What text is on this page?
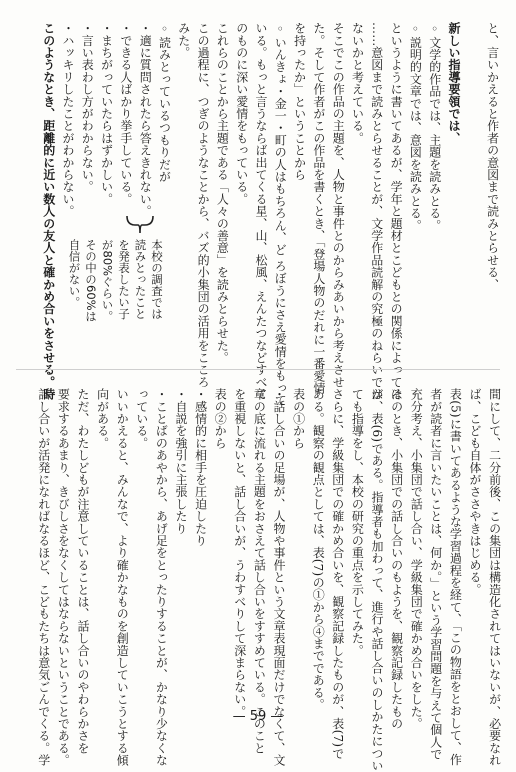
と、言いかえると作者の意図まで読みとらせる、
新しい指導要領では、
◦文学的作品では、主題を読みとる。
◦説明的文章では、意図を読みとる。
というように書いてあるが、学年と題材とこどもとの関係によっては
……意図まで読みとらせることが、文学作品読解の究極のねらいでは
ないかと考えている。
そこでこの作品の主題を、人物と事件とのからみあいから考えさせ
た。そして作者がこの作品を書くとき、「登場人物のだれに一番愛情
を持ったか」ということから
◦いんきょ・金一・町の人はもちろん、ど ろぼうにさえ愛情をもって
いる。もっと言うならば出てくる星、山、松風、えんたつなどすべて
のものに深い愛情をもっている。
これらのことから主題である「人々の善意」を読みとらせた。
この過程に、つぎのようなことから、バズ的小集団の活用をこころ
みた。
◦読みとっているつもりだが
・適に質問されたら答えきれない。
・できる人ばかり挙手している。
・まちがっていたらはずかしい。
・言い表わし方がわからない。
・ハッキリしたことがわからない。
このようなとき、距離的に近い数人の友人と確かめ合いをさせる。時	本校の調査では
読みとったこと
を発表したい子
が80%ぐらい。
その中の60%は
自信がない。
間にして、二分前後、この集団は構造化されてはいないが、必要なれ
ば、こども自体がささやきはじめる。
表(5)に書いてあるような学習過程を経て、「この物語をとおして、作
者が読者に言いたいことは、何か。」という学習問題を与えて個人で
充分考え、小集団で話し合い、学級集団で確かめ合いをした。
そのとき、小集団での話し合いのもようを、観察記録したもの
が、表(6)である。指導者も加わって、進行や話し合いのしかたについ
ても指導をし、本校の研究の重点を示してみた。
さらに、学級集団での確かめ合いを、観察記録したものが、表(7)で
ある。観察の観点としては、表(7)の①から④までである。
表の①から
・話し合いの足場が、人物や事件という文章表現面だけでなくて、文
章の底に流れる主題をおさえて話し合いをすすめている。このこと
を重視しないと、話し合いが、うわすべりして深まらない。
表の②から
・感情的に相手を圧迫したり
・自説を強引に主張したり
・ことばのあやから、あげ足をとったりすることが、かなり少なくな
っている。
いいかえると、みんなで、より確かなものを創造していこうとする傾
向がある。
ただ、わたしどもが注意していることは、話し合いのやわらかさを
要求するあまり、きびしさをなくしてはならないということである。
話し合いが活発になればなるほど、こどもたちは意気ごんでくる。学	— 59 —
